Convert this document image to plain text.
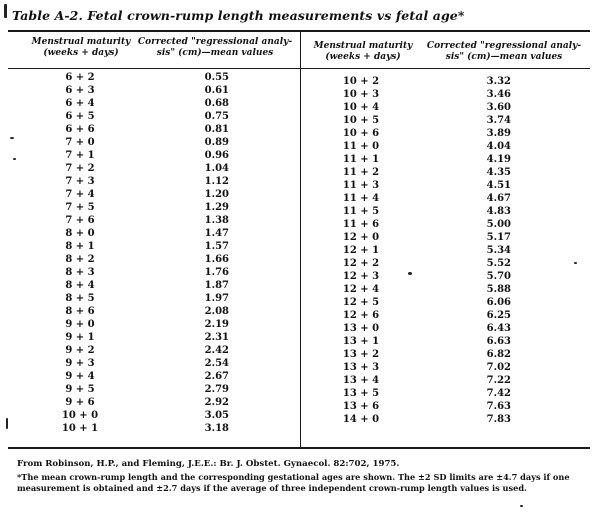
Table A-2. Fetal crown-rump length measurements vs fetal age*
Menstrual maturity
(weeks + days)
Corrected "regressional analy-
sis" (cm)—mean values
Menstrual maturity
(weeks + days)
Corrected "regressional analy-
sis" (cm)—mean values
6 + 2	0.55
6 + 3	0.61
6 + 4	0.68
6 + 5	0.75
6 + 6	0.81
7 + 0	0.89
7 + 1	0.96
7 + 2	1.04
7 + 3	1.12
7 + 4	1.20
7 + 5	1.29
7 + 6	1.38
8 + 0	1.47
8 + 1	1.57
8 + 2	1.66
8 + 3	1.76
8 + 4	1.87
8 + 5	1.97
8 + 6	2.08
9 + 0	2.19
9 + 1	2.31
9 + 2	2.42
9 + 3	2.54
9 + 4	2.67
9 + 5	2.79
9 + 6	2.92
10 + 0	3.05
10 + 1	3.18
10 + 2	3.32
10 + 3	3.46
10 + 4	3.60
10 + 5	3.74
10 + 6	3.89
11 + 0	4.04
11 + 1	4.19
11 + 2	4.35
11 + 3	4.51
11 + 4	4.67
11 + 5	4.83
11 + 6	5.00
12 + 0	5.17
12 + 1	5.34
12 + 2	5.52
12 + 3	5.70
12 + 4	5.88
12 + 5	6.06
12 + 6	6.25
13 + 0	6.43
13 + 1	6.63
13 + 2	6.82
13 + 3	7.02
13 + 4	7.22
13 + 5	7.42
13 + 6	7.63
14 + 0	7.83
From Robinson, H.P., and Fleming, J.E.E.: Br. J. Obstet. Gynaecol. 82:702, 1975.
*The mean crown-rump length and the corresponding gestational ages are shown. The ±2 SD limits are ±4.7 days if one measurement is obtained and ±2.7 days if the average of three independent crown-rump length values is used.
